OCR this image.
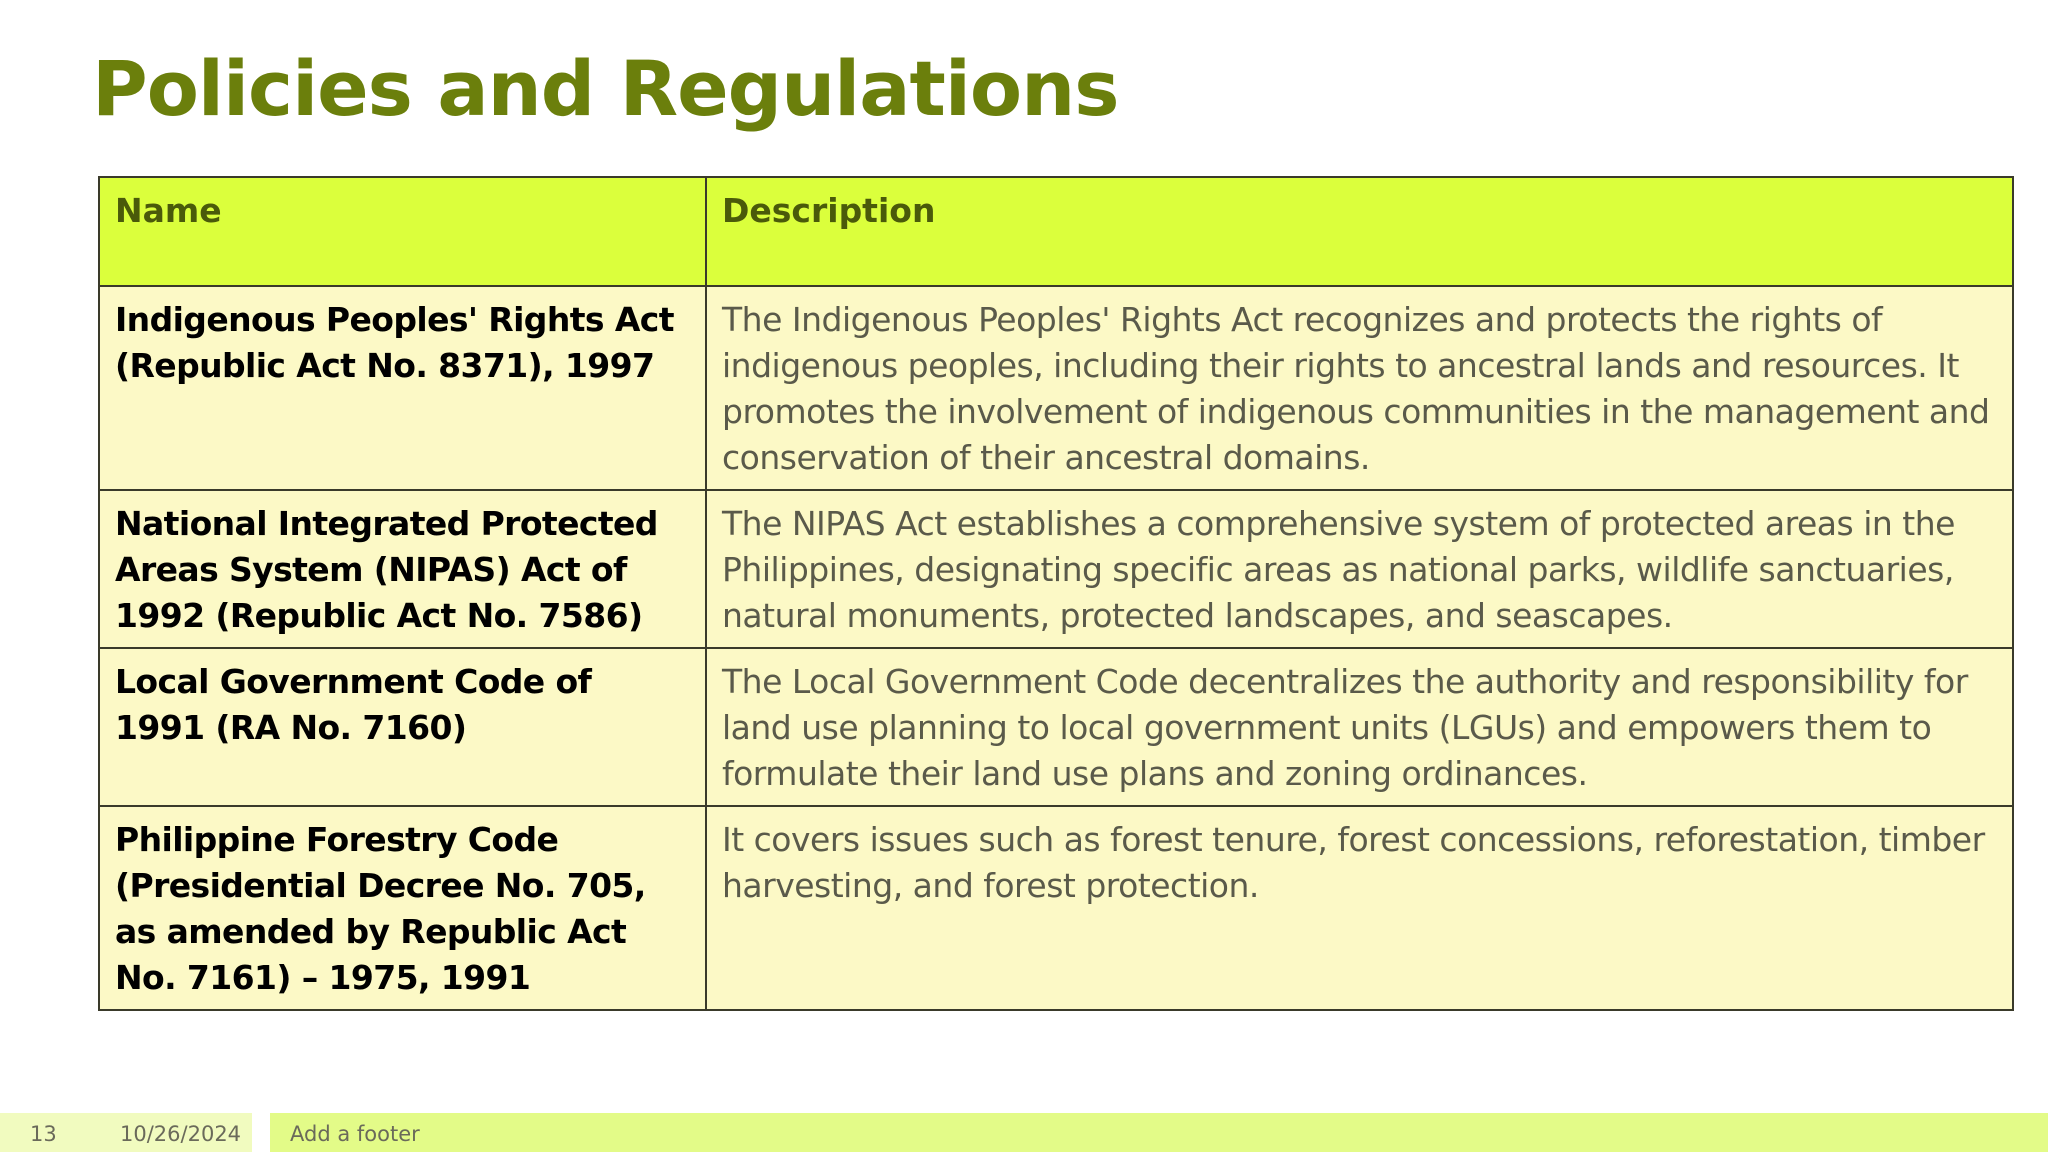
Policies and Regulations
Name	Description
Indigenous Peoples' Rights Act (Republic Act No. 8371), 1997	The Indigenous Peoples' Rights Act recognizes and protects the rights of indigenous peoples, including their rights to ancestral lands and resources. It promotes the involvement of indigenous communities in the management and conservation of their ancestral domains.
National Integrated Protected Areas System (NIPAS) Act of 1992 (Republic Act No. 7586)	The NIPAS Act establishes a comprehensive system of protected areas in the Philippines, designating specific areas as national parks, wildlife sanctuaries, natural monuments, protected landscapes, and seascapes.
Local Government Code of 1991 (RA No. 7160)	The Local Government Code decentralizes the authority and responsibility for land use planning to local government units (LGUs) and empowers them to formulate their land use plans and zoning ordinances.
Philippine Forestry Code (Presidential Decree No. 705, as amended by Republic Act No. 7161) – 1975, 1991	It covers issues such as forest tenure, forest concessions, reforestation, timber harvesting, and forest protection.
13	10/26/2024 Add a footer
